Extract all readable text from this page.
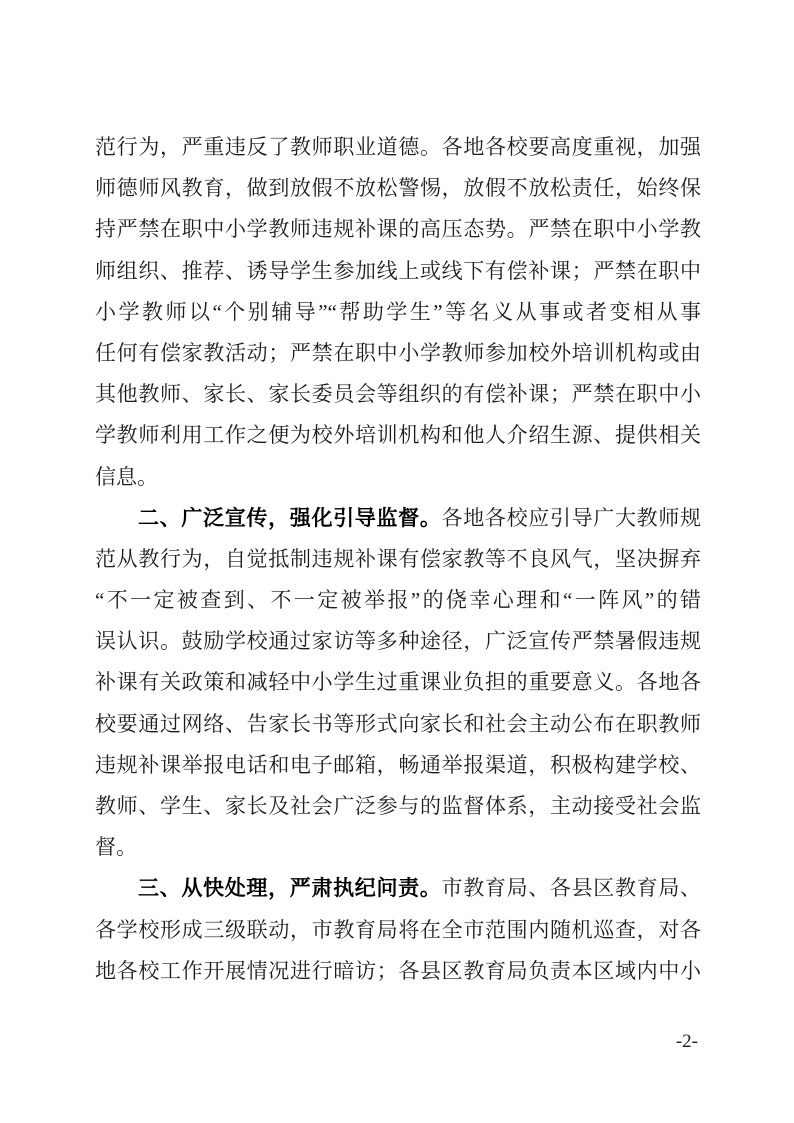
范行为，严重违反了教师职业道德。各地各校要高度重视，加强
师德师风教育，做到放假不放松警惕，放假不放松责任，始终保
持严禁在职中小学教师违规补课的高压态势。严禁在职中小学教
师组织、推荐、诱导学生参加线上或线下有偿补课；严禁在职中
小学教师以“个别辅导”“帮助学生”等名义从事或者变相从事
任何有偿家教活动；严禁在职中小学教师参加校外培训机构或由
其他教师、家长、家长委员会等组织的有偿补课；严禁在职中小
学教师利用工作之便为校外培训机构和他人介绍生源、提供相关
信息。
二、广泛宣传，强化引导监督。各地各校应引导广大教师规
范从教行为，自觉抵制违规补课有偿家教等不良风气，坚决摒弃
“不一定被查到、不一定被举报”的侥幸心理和“一阵风”的错
误认识。鼓励学校通过家访等多种途径，广泛宣传严禁暑假违规
补课有关政策和减轻中小学生过重课业负担的重要意义。各地各
校要通过网络、告家长书等形式向家长和社会主动公布在职教师
违规补课举报电话和电子邮箱，畅通举报渠道，积极构建学校、
教师、学生、家长及社会广泛参与的监督体系，主动接受社会监
督。
三、从快处理，严肃执纪问责。市教育局、各县区教育局、
各学校形成三级联动，市教育局将在全市范围内随机巡查，对各
地各校工作开展情况进行暗访；各县区教育局负责本区域内中小
-2-
